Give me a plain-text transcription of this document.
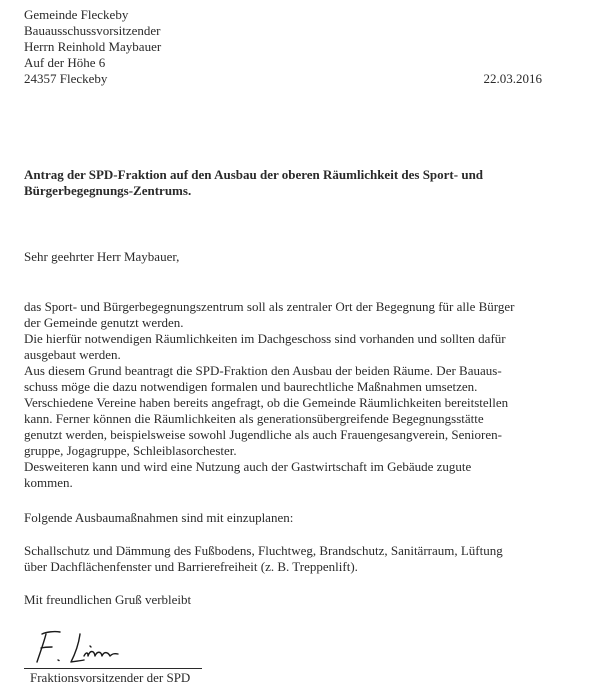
Gemeinde Fleckeby
Bauausschussvorsitzender
Herrn Reinhold Maybauer
Auf der Höhe 6
24357 Fleckeby	22.03.2016
Antrag der SPD-Fraktion auf den Ausbau der oberen Räumlichkeit des Sport- und
Bürgerbegegnungs-Zentrums.
Sehr geehrter Herr Maybauer,
das Sport- und Bürgerbegegnungszentrum soll als zentraler Ort der Begegnung für alle Bürger
der Gemeinde genutzt werden.
Die hierfür notwendigen Räumlichkeiten im Dachgeschoss sind vorhanden und sollten dafür
ausgebaut werden.
Aus diesem Grund beantragt die SPD-Fraktion den Ausbau der beiden Räume. Der Bauaus-
schuss möge die dazu notwendigen formalen und baurechtliche Maßnahmen umsetzen.
Verschiedene Vereine haben bereits angefragt, ob die Gemeinde Räumlichkeiten bereitstellen
kann. Ferner können die Räumlichkeiten als generationsübergreifende Begegnungsstätte
genutzt werden, beispielsweise sowohl Jugendliche als auch Frauengesangverein, Senioren-
gruppe, Jogagruppe, Schleiblasorchester.
Desweiteren kann und wird eine Nutzung auch der Gastwirtschaft im Gebäude zugute
kommen.
Folgende Ausbaumaßnahmen sind mit einzuplanen:
Schallschutz und Dämmung des Fußbodens, Fluchtweg, Brandschutz, Sanitärraum, Lüftung
über Dachflächenfenster und Barrierefreiheit (z. B. Treppenlift).
Mit freundlichen Gruß verbleibt
Fraktionsvorsitzender der SPD
